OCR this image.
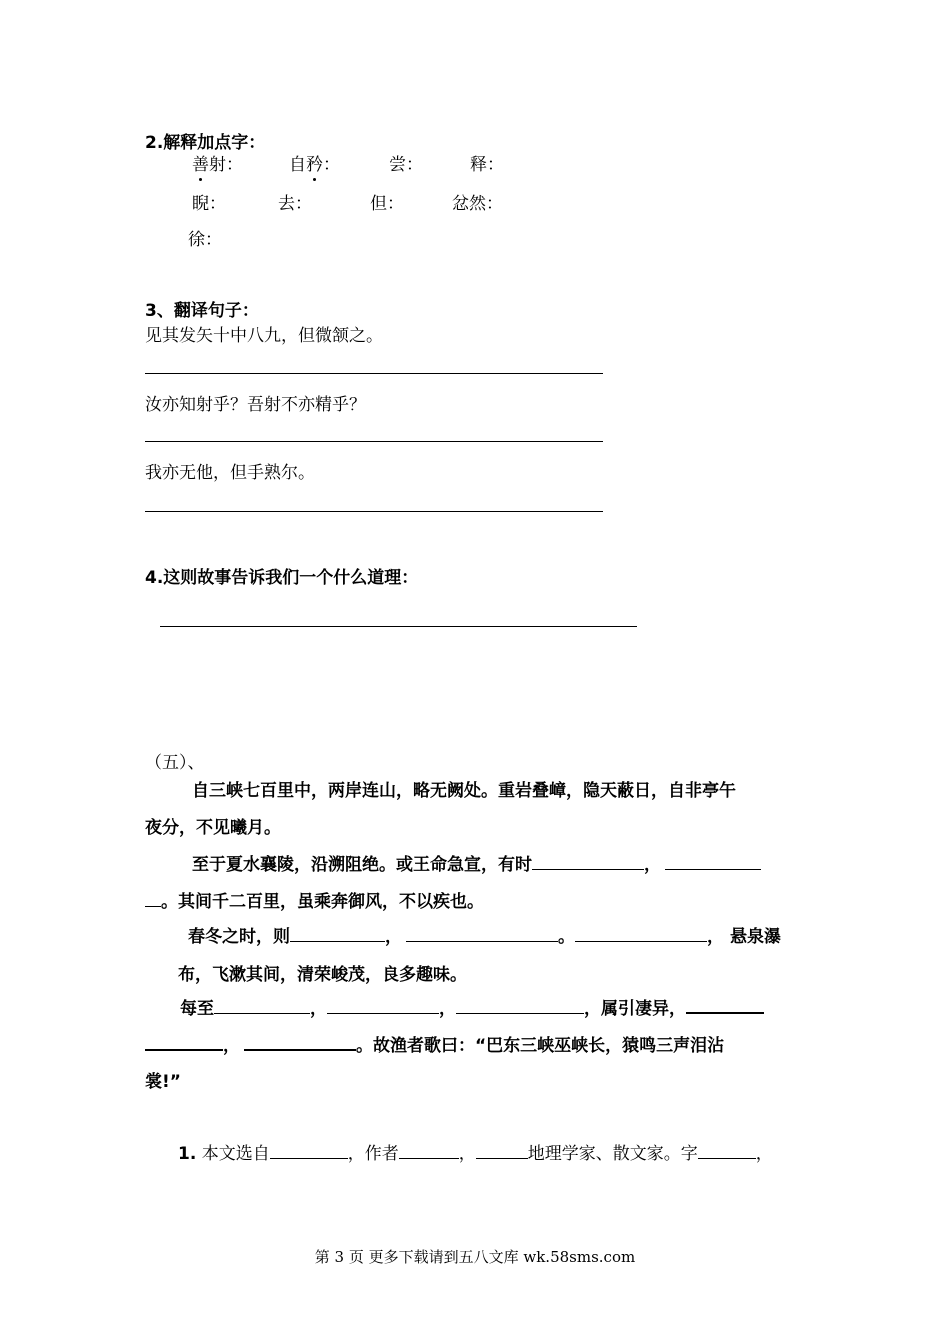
2.解释加点字：
善射：	自矜：	尝：	释：
睨：	去：	但：	忿然：
徐：
3、翻译句子：
见其发矢十中八九，但微颔之。
汝亦知射乎？吾射不亦精乎？
我亦无他，但手熟尔。
4.这则故事告诉我们一个什么道理：
（五）、
自三峡七百里中，两岸连山，略无阙处。重岩叠嶂，隐天蔽日，自非亭午
夜分，不见曦月。
至于夏水襄陵，沿溯阻绝。或王命急宣，有时	，
。其间千二百里，虽乘奔御风，不以疾也。
春冬之时，则	，	。	， 悬泉瀑
布，飞漱其间，清荣峻茂，良多趣味。
每至	，	，	，属引凄异，
，	。故渔者歌曰：“巴东三峡巫峡长，猿鸣三声泪沾
裳!”
1. 本文选自	，作者	，	地理学家、散文家。字	，
第 3 页 更多下载请到五八文库 wk.58sms.com
